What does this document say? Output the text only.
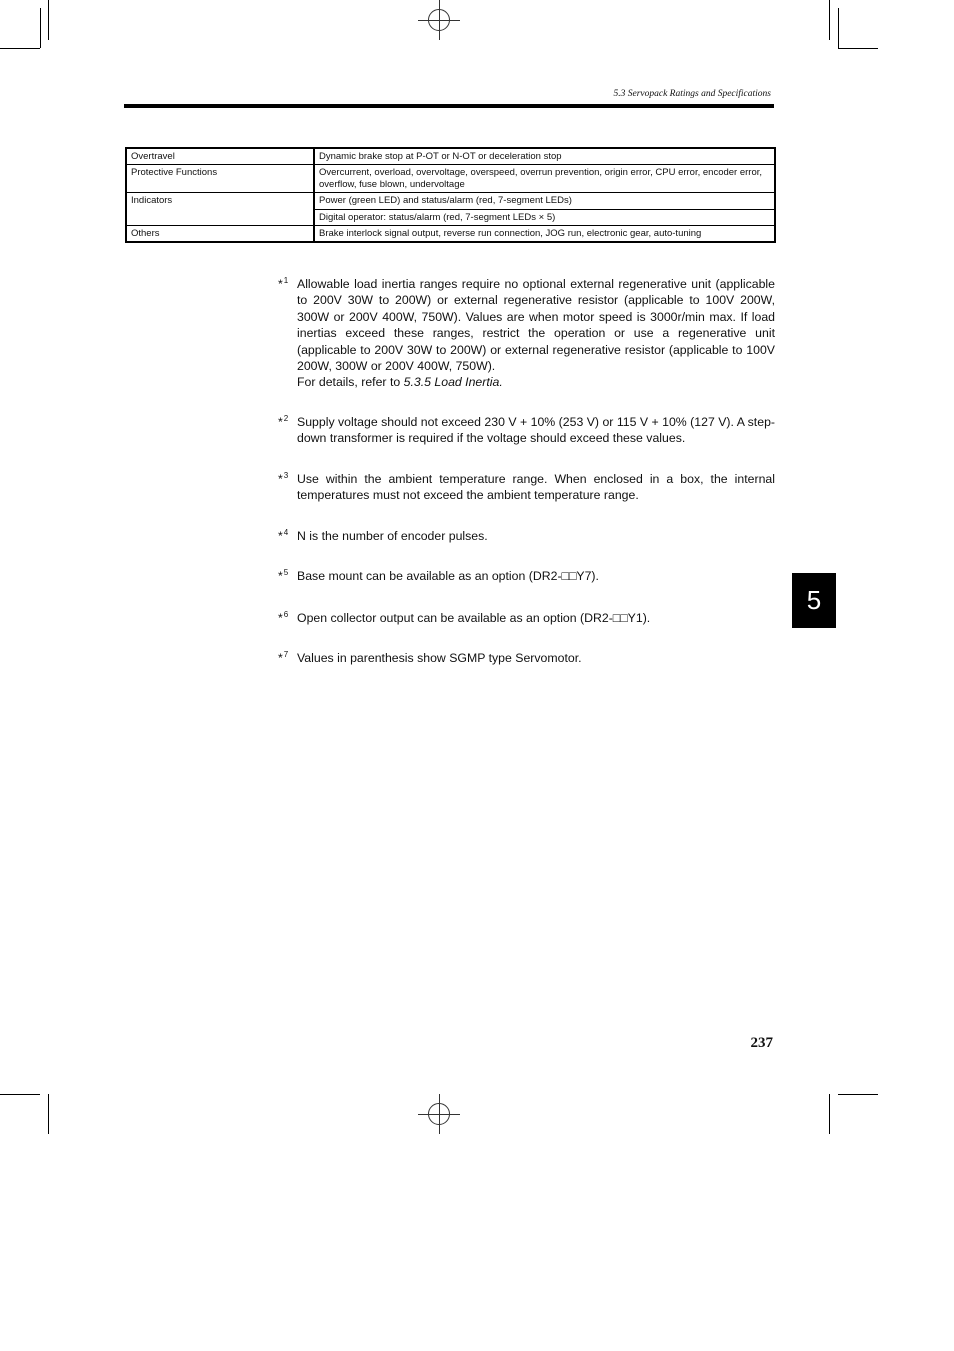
5.3 Servopack Ratings and Specifications
Overtravel	Dynamic brake stop at P-OT or N-OT or deceleration stop
Protective Functions	Overcurrent, overload, overvoltage, overspeed, overrun prevention, origin error, CPU error, encoder error, overflow, fuse blown, undervoltage
Indicators	Power (green LED) and status/alarm (red, 7-segment LEDs)
	Digital operator: status/alarm (red, 7-segment LEDs × 5)
Others	Brake interlock signal output, reverse run connection, JOG run, electronic gear, auto-tuning
*$^1$ Allowable load inertia ranges require no optional external regenerative unit (applicable to 200V 30W to 200W) or external regenerative resistor (applicable to 100V 200W, 300W or 200V 400W, 750W). Values are when motor speed is 3000r/min max. If load inertias exceed these ranges, restrict the operation or use a regenerative unit (applicable to 200V 30W to 200W) or external regenerative resistor (applicable to 100V 200W, 300W or 200V 400W, 750W).
For details, refer to 5.3.5 Load Inertia.
*$^2$ Supply voltage should not exceed 230 V + 10% (253 V) or 115 V + 10% (127 V). A step-down transformer is required if the voltage should exceed these values.
*$^3$ Use within the ambient temperature range. When enclosed in a box, the internal temperatures must not exceed the ambient temperature range.
*$^4$ N is the number of encoder pulses.
*$^5$ Base mount can be available as an option (DR2-□□Y7).
*$^6$ Open collector output can be available as an option (DR2-□□Y1).
*$^7$ Values in parenthesis show SGMP type Servomotor.
5
237
